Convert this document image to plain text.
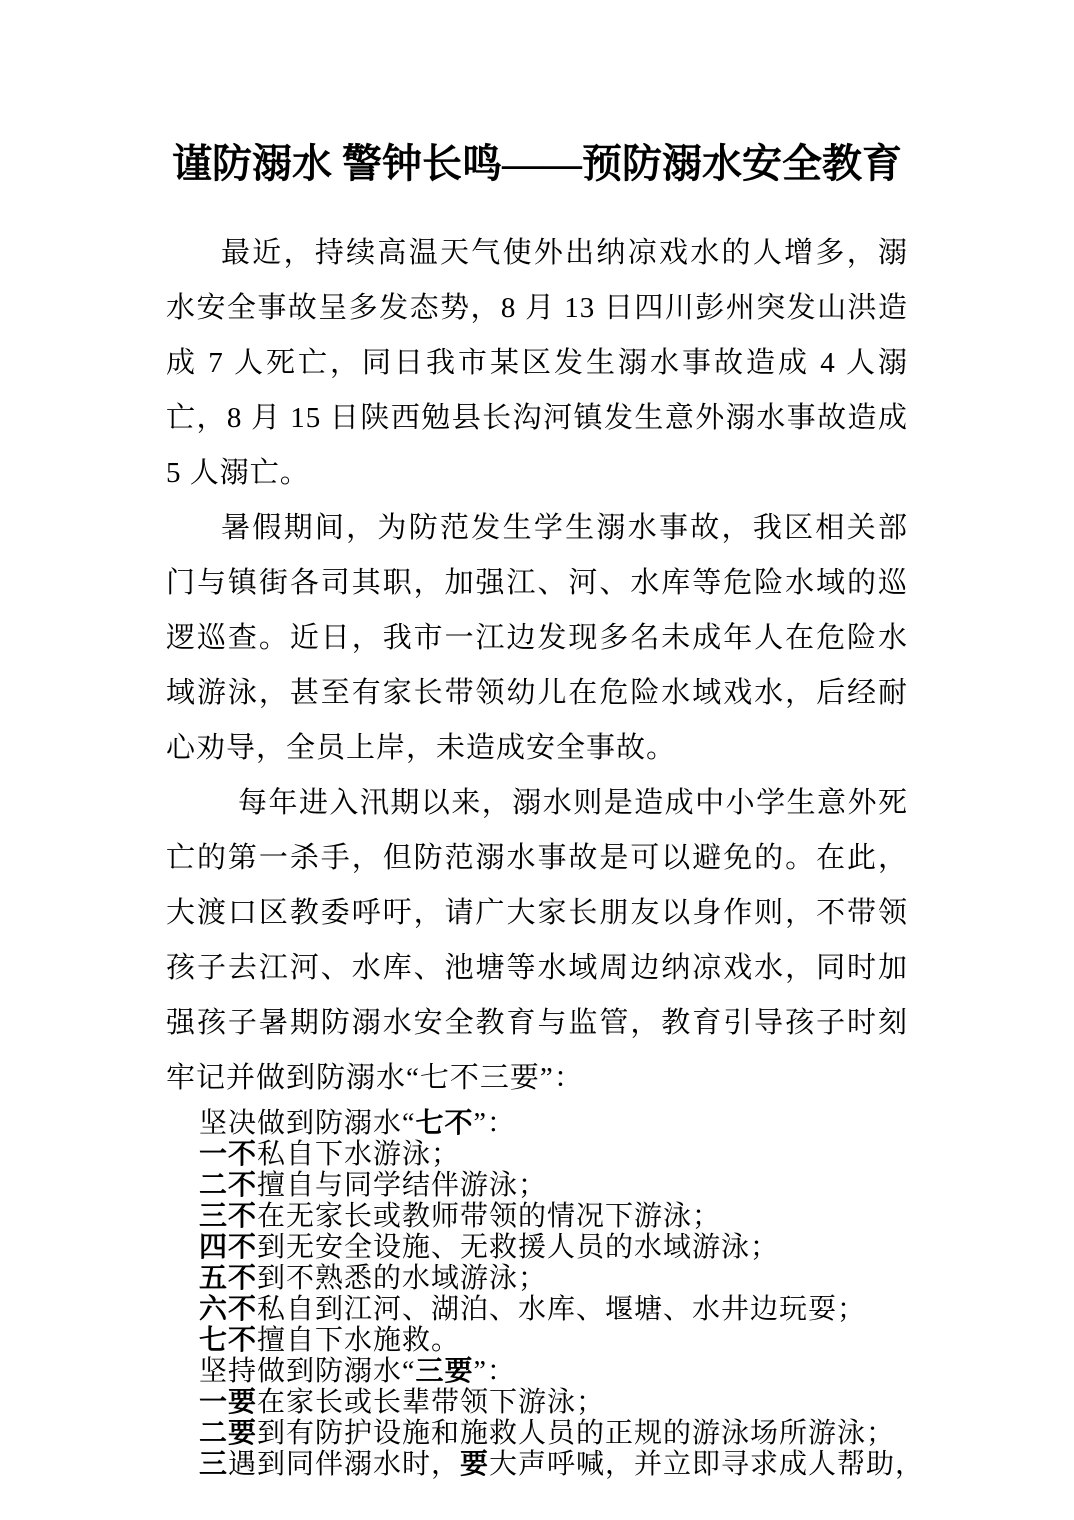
谨防溺水 警钟长鸣——预防溺水安全教育

最近，持续高温天气使外出纳凉戏水的人增多，溺水安全事故呈多发态势，8 月 13 日四川彭州突发山洪造成 7 人死亡，同日我市某区发生溺水事故造成 4 人溺亡，8 月 15 日陕西勉县长沟河镇发生意外溺水事故造成 5 人溺亡。

暑假期间，为防范发生学生溺水事故，我区相关部门与镇街各司其职，加强江、河、水库等危险水域的巡逻巡查。近日，我市一江边发现多名未成年人在危险水域游泳，甚至有家长带领幼儿在危险水域戏水，后经耐心劝导，全员上岸，未造成安全事故。

每年进入汛期以来，溺水则是造成中小学生意外死亡的第一杀手，但防范溺水事故是可以避免的。在此，大渡口区教委呼吁，请广大家长朋友以身作则，不带领孩子去江河、水库、池塘等水域周边纳凉戏水，同时加强孩子暑期防溺水安全教育与监管，教育引导孩子时刻牢记并做到防溺水“七不三要”：

坚决做到防溺水“七不”：
一不私自下水游泳；
二不擅自与同学结伴游泳；
三不在无家长或教师带领的情况下游泳；
四不到无安全设施、无救援人员的水域游泳；
五不到不熟悉的水域游泳；
六不私自到江河、湖泊、水库、堰塘、水井边玩耍；
七不擅自下水施救。
坚持做到防溺水“三要”：
一要在家长或长辈带领下游泳；
二要到有防护设施和施救人员的正规的游泳场所游泳；
三遇到同伴溺水时，要大声呼喊，并立即寻求成人帮助，
